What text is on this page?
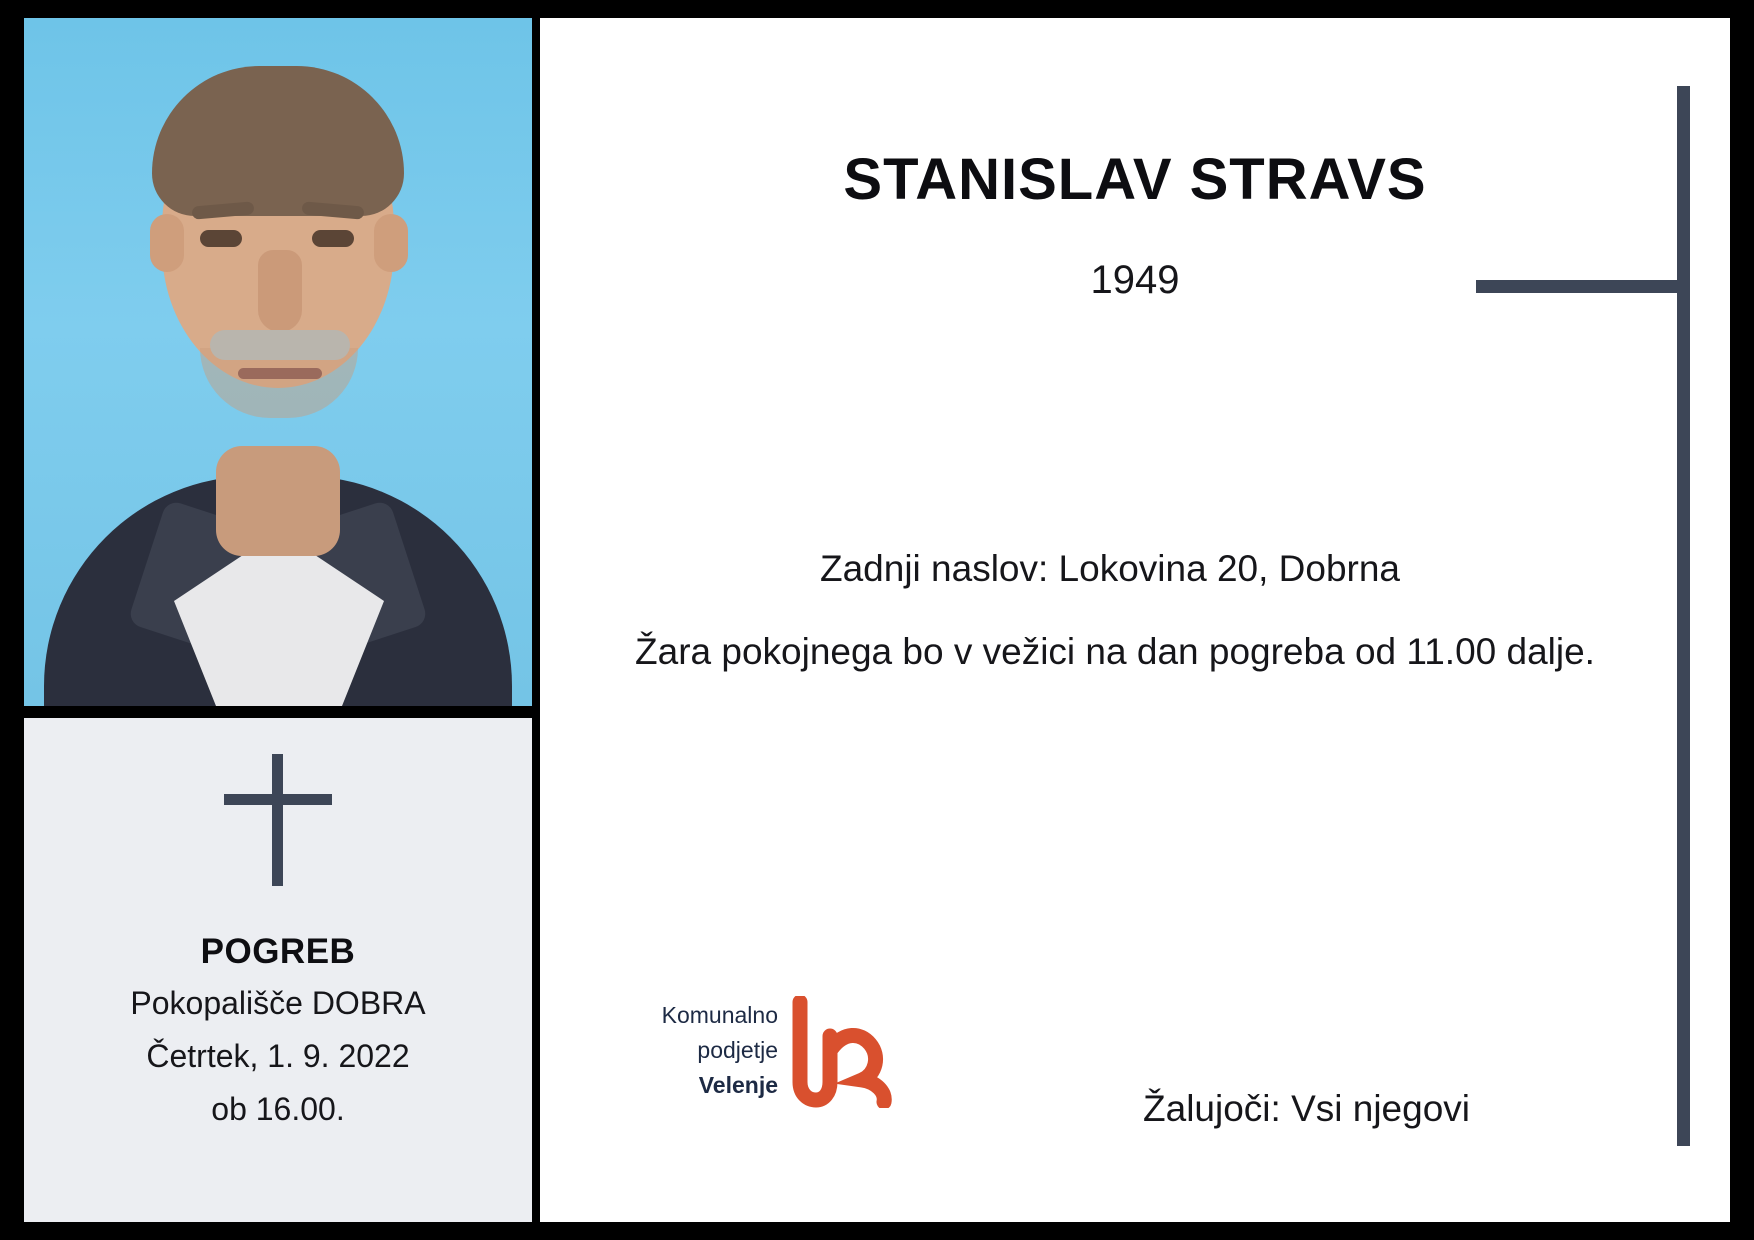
POGREB
Pokopališče DOBRA
Četrtek, 1. 9. 2022
ob 16.00.
STANISLAV STRAVS
1949
Zadnji naslov: Lokovina 20, Dobrna
Žara pokojnega bo v vežici na dan pogreba od 11.00 dalje.
Žalujoči: Vsi njegovi
Komunalno
podjetje
Velenje
